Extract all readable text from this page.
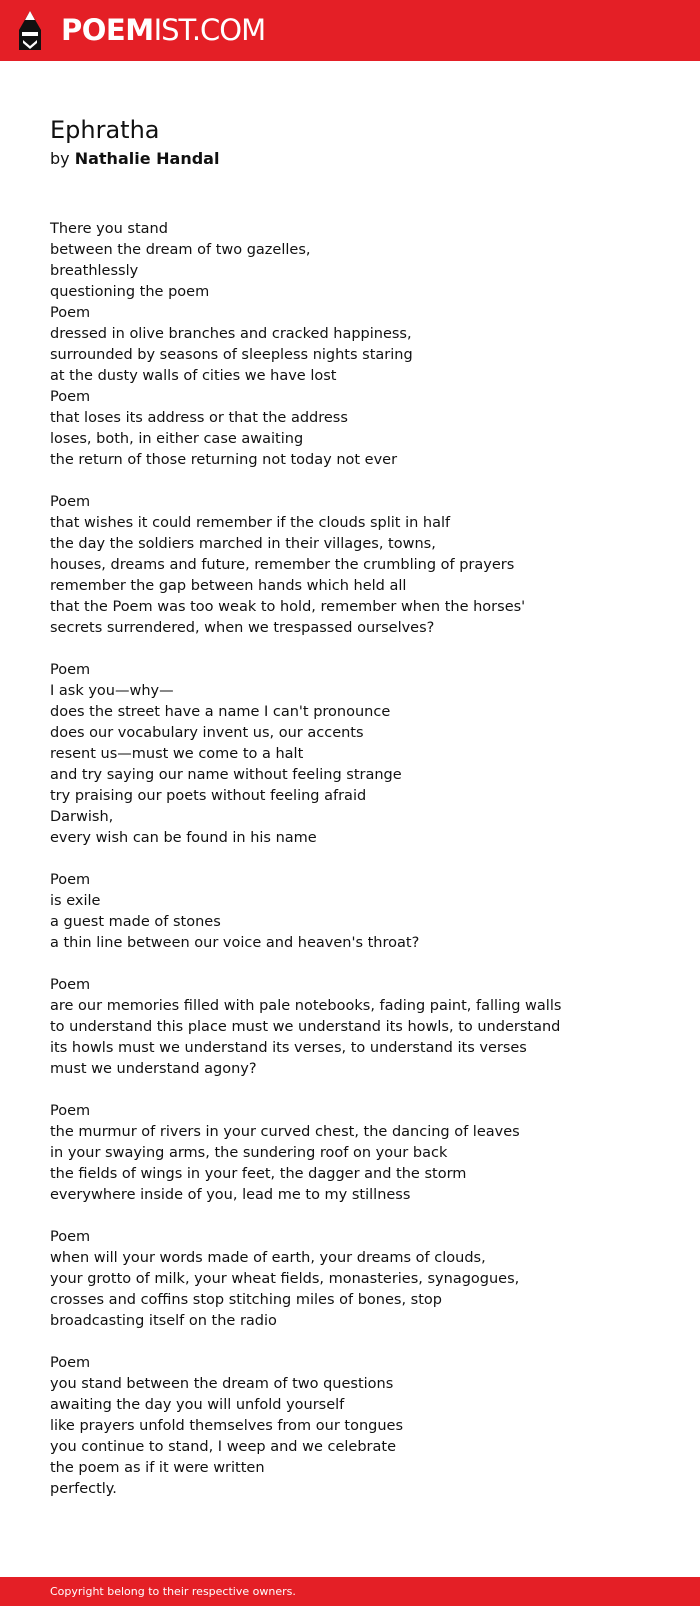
POEMIST.COM
Ephratha
by Nathalie Handal
There you stand
between the dream of two gazelles,
breathlessly
questioning the poem
Poem
dressed in olive branches and cracked happiness,
surrounded by seasons of sleepless nights staring
at the dusty walls of cities we have lost
Poem
that loses its address or that the address
loses, both, in either case awaiting
the return of those returning not today not ever
Poem
that wishes it could remember if the clouds split in half
the day the soldiers marched in their villages, towns,
houses, dreams and future, remember the crumbling of prayers
remember the gap between hands which held all
that the Poem was too weak to hold, remember when the horses'
secrets surrendered, when we trespassed ourselves?
Poem
I ask you—why—
does the street have a name I can't pronounce
does our vocabulary invent us, our accents
resent us—must we come to a halt
and try saying our name without feeling strange
try praising our poets without feeling afraid
Darwish,
every wish can be found in his name
Poem
is exile
a guest made of stones
a thin line between our voice and heaven's throat?
Poem
are our memories filled with pale notebooks, fading paint, falling walls
to understand this place must we understand its howls, to understand
its howls must we understand its verses, to understand its verses
must we understand agony?
Poem
the murmur of rivers in your curved chest, the dancing of leaves
in your swaying arms, the sundering roof on your back
the fields of wings in your feet, the dagger and the storm
everywhere inside of you, lead me to my stillness
Poem
when will your words made of earth, your dreams of clouds,
your grotto of milk, your wheat fields, monasteries, synagogues,
crosses and coffins stop stitching miles of bones, stop
broadcasting itself on the radio
Poem
you stand between the dream of two questions
awaiting the day you will unfold yourself
like prayers unfold themselves from our tongues
you continue to stand, I weep and we celebrate
the poem as if it were written
perfectly.
Copyright belong to their respective owners.
